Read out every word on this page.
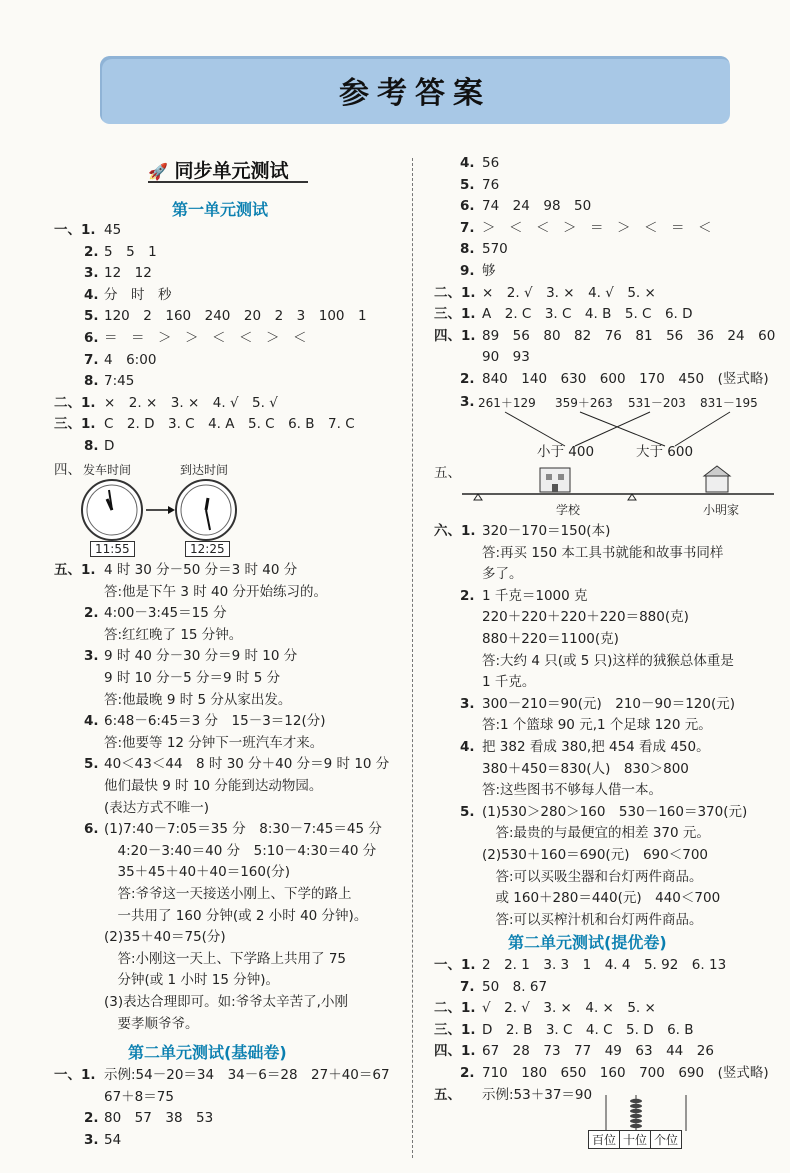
参考答案
🚀 同步单元测试
第一单元测试
一、1. 45
2. 5　5　1
3. 12　12
4. 分　时　秒
5. 120　2　160　240　20　2　3　100　1
6. ＝　＝　＞　＞　＜　＜　＞　＜
7. 4　6:00
8. 7:45
二、1. ×　2. ×　3. ×　4. √　5. √
三、1. C　2. D　3. C　4. A　5. C　6. B　7. C
8. D
四、 发车时间	到达时间
11:55	12:25
五、1. 4 时 30 分－50 分＝3 时 40 分
答:他是下午 3 时 40 分开始练习的。
2. 4:00－3:45＝15 分
答:红红晚了 15 分钟。
3. 9 时 40 分－30 分＝9 时 10 分
9 时 10 分－5 分＝9 时 5 分
答:他最晚 9 时 5 分从家出发。
4. 6:48－6:45＝3 分　15－3＝12(分)
答:他要等 12 分钟下一班汽车才来。
5. 40＜43＜44　8 时 30 分＋40 分＝9 时 10 分
他们最快 9 时 10 分能到达动物园。
(表达方式不唯一)
6. (1)7:40－7:05＝35 分　8:30－7:45＝45 分
　4:20－3:40＝40 分　5:10－4:30＝40 分
　35＋45＋40＋40＝160(分)
　答:爷爷这一天接送小刚上、下学的路上
　一共用了 160 分钟(或 2 小时 40 分钟)。
(2)35＋40＝75(分)
　答:小刚这一天上、下学路上共用了 75
　分钟(或 1 小时 15 分钟)。
(3)表达合理即可。如:爷爷太辛苦了,小刚
　要孝顺爷爷。
第二单元测试(基础卷)
一、1. 示例:54－20＝34　34－6＝28　27＋40＝67
67＋8＝75
2. 80　57　38　53
3. 54
4. 56
5. 76
6. 74　24　98　50
7. ＞　＜　＜　＞　＝　＞　＜　＝　＜
8. 570
9. 够
二、1. ×　2. √　3. ×　4. √　5. ×
三、1. A　2. C　3. C　4. B　5. C　6. D
四、1. 89　56　80　82　76　81　56　36　24　60
90　93
2. 840　140　630　600　170　450　(竖式略)
3. 261＋129 359＋263 531－203 831－195
小于 400	大于 600
五、
学校	小明家
六、1. 320－170＝150(本)
答:再买 150 本工具书就能和故事书同样
多了。
2. 1 千克＝1000 克
220＋220＋220＋220＝880(克)
880＋220＝1100(克)
答:大约 4 只(或 5 只)这样的狨猴总体重是
1 千克。
3. 300－210＝90(元)　210－90＝120(元)
答:1 个篮球 90 元,1 个足球 120 元。
4. 把 382 看成 380,把 454 看成 450。
380＋450＝830(人)　830＞800
答:这些图书不够每人借一本。
5. (1)530＞280＞160　530－160＝370(元)
　答:最贵的与最便宜的相差 370 元。
(2)530＋160＝690(元)　690＜700
　答:可以买吸尘器和台灯两件商品。
　或 160＋280＝440(元)　440＜700
　答:可以买榨汁机和台灯两件商品。
第二单元测试(提优卷)
一、1. 2　2. 1　3. 3　1　4. 4　5. 92　6. 13
7. 50　8. 67
二、1. √　2. √　3. ×　4. ×　5. ×
三、1. D　2. B　3. C　4. C　5. D　6. B
四、1. 67　28　73　77　49　63　44　26
2. 710　180　650　160　700　690　(竖式略)
五、 示例:53＋37＝90
百位 十位 个位
